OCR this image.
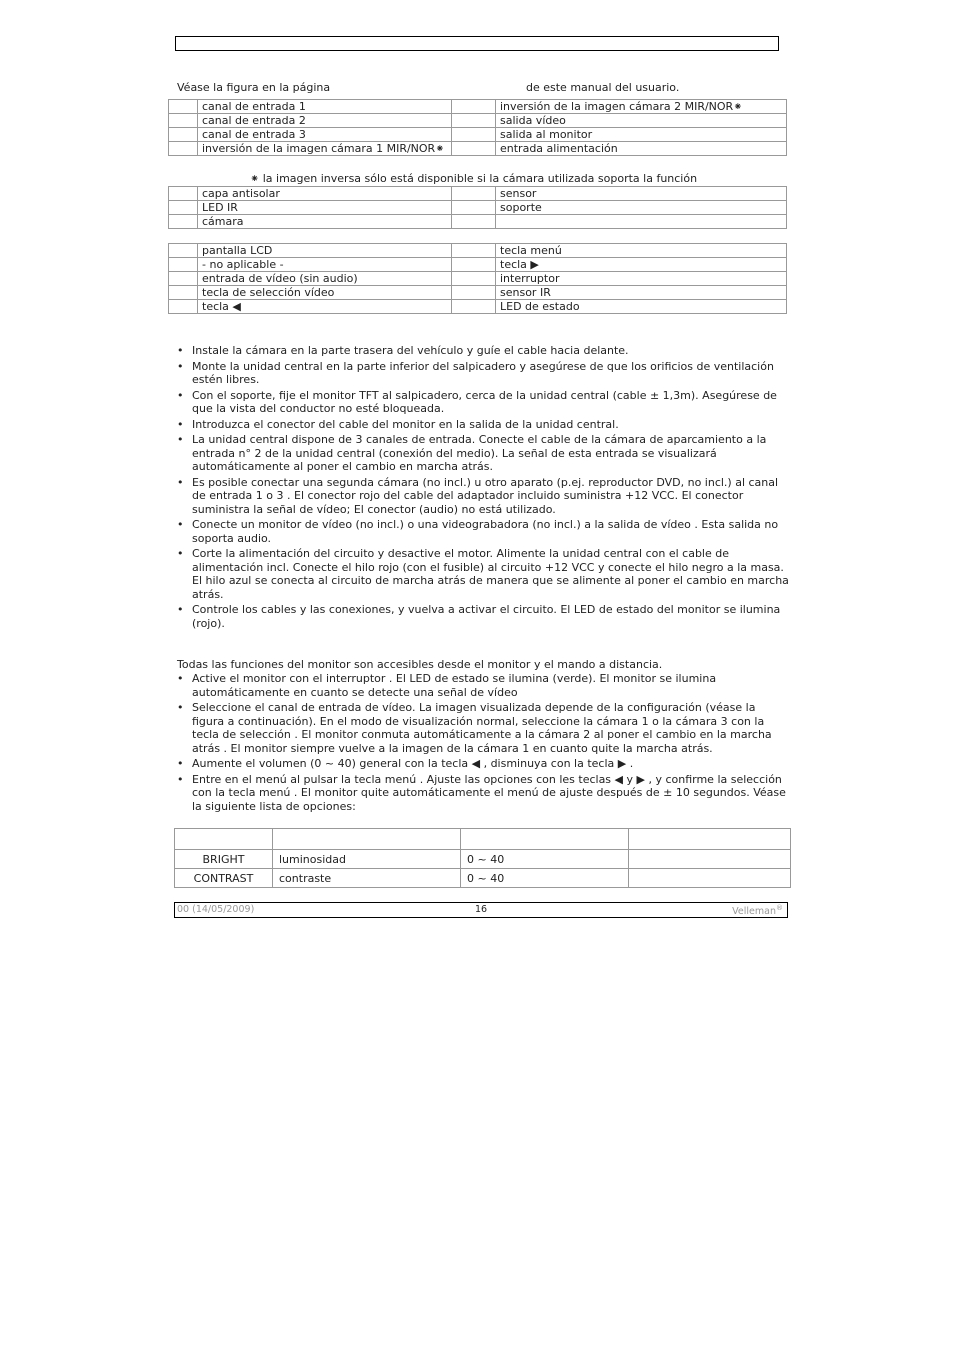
Véase la figura en la página	de este manual del usuario.
	canal de entrada 1		inversión de la imagen cámara 2 MIR/NOR⁕
	canal de entrada 2		salida vídeo
	canal de entrada 3		salida al monitor
	inversión de la imagen cámara 1 MIR/NOR⁕		entrada alimentación
⁕ la imagen inversa sólo está disponible si la cámara utilizada soporta la función
	capa antisolar		sensor
	LED IR		soporte
	cámara		
	pantalla LCD		tecla menú
	- no aplicable -		tecla ▶
	entrada de vídeo (sin audio)		interruptor
	tecla de selección vídeo		sensor IR
	tecla ◀		LED de estado
• Instale la cámara en la parte trasera del vehículo y guíe el cable hacia delante.
• Monte la unidad central en la parte inferior del salpicadero y asegúrese de que los orificios de ventilación estén libres.
• Con el soporte, fije el monitor TFT al salpicadero, cerca de la unidad central (cable ± 1,3m). Asegúrese de que la vista del conductor no esté bloqueada.
• Introduzca el conector del cable del monitor en la salida de la unidad central.
• La unidad central dispone de 3 canales de entrada. Conecte el cable de la cámara de aparcamiento a la entrada n° 2 de la unidad central (conexión del medio). La señal de esta entrada se visualizará automáticamente al poner el cambio en marcha atrás.
• Es posible conectar una segunda cámara (no incl.) u otro aparato (p.ej. reproductor DVD, no incl.) al canal de entrada 1 o 3 . El conector rojo del cable del adaptador incluido suministra +12 VCC. El conector suministra la señal de vídeo; El conector (audio) no está utilizado.
• Conecte un monitor de vídeo (no incl.) o una videograbadora (no incl.) a la salida de vídeo . Esta salida no soporta audio.
• Corte la alimentación del circuito y desactive el motor. Alimente la unidad central con el cable de alimentación incl. Conecte el hilo rojo (con el fusible) al circuito +12 VCC y conecte el hilo negro a la masa. El hilo azul se conecta al circuito de marcha atrás de manera que se alimente al poner el cambio en marcha atrás.
• Controle los cables y las conexiones, y vuelva a activar el circuito. El LED de estado del monitor se ilumina (rojo).
Todas las funciones del monitor son accesibles desde el monitor y el mando a distancia.
• Active el monitor con el interruptor . El LED de estado se ilumina (verde). El monitor se ilumina automáticamente en cuanto se detecte una señal de vídeo
• Seleccione el canal de entrada de vídeo. La imagen visualizada depende de la configuración (véase la figura a continuación). En el modo de visualización normal, seleccione la cámara 1 o la cámara 3 con la tecla de selección . El monitor conmuta automáticamente a la cámara 2 al poner el cambio en la marcha atrás . El monitor siempre vuelve a la imagen de la cámara 1 en cuanto quite la marcha atrás.
• Aumente el volumen (0 ~ 40) general con la tecla ◀ , disminuya con la tecla ▶ .
• Entre en el menú al pulsar la tecla menú . Ajuste las opciones con les teclas ◀ y ▶ , y confirme la selección con la tecla menú . El monitor quite automáticamente el menú de ajuste después de ± 10 segundos. Véase la siguiente lista de opciones:

BRIGHT	luminosidad	0 ~ 40	
CONTRAST	contraste	0 ~ 40	
00 (14/05/2009)	16	Velleman®
